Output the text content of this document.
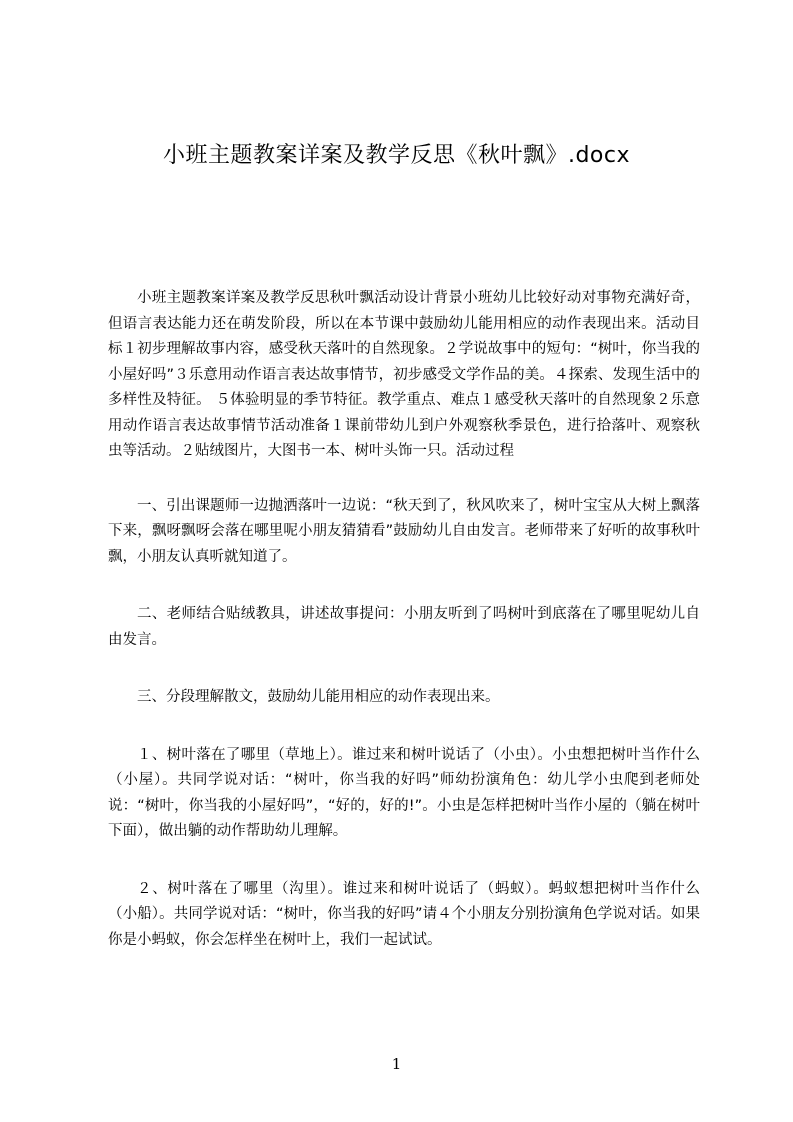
小班主题教案详案及教学反思《秋叶飘》.docx

小班主题教案详案及教学反思秋叶飘活动设计背景小班幼儿比较好动对事物充满好奇，但语言表达能力还在萌发阶段，所以在本节课中鼓励幼儿能用相应的动作表现出来。活动目标１初步理解故事内容，感受秋天落叶的自然现象。２学说故事中的短句：“树叶，你当我的小屋好吗”３乐意用动作语言表达故事情节，初步感受文学作品的美。４探索、发现生活中的多样性及特征。 ５体验明显的季节特征。教学重点、难点１感受秋天落叶的自然现象２乐意用动作语言表达故事情节活动准备１课前带幼儿到户外观察秋季景色，进行拾落叶、观察秋虫等活动。２贴绒图片，大图书一本、树叶头饰一只。活动过程

一、引出课题师一边抛洒落叶一边说：“秋天到了，秋风吹来了，树叶宝宝从大树上飘落下来，飘呀飘呀会落在哪里呢小朋友猜猜看”鼓励幼儿自由发言。老师带来了好听的故事秋叶飘，小朋友认真听就知道了。

二、老师结合贴绒教具，讲述故事提问：小朋友听到了吗树叶到底落在了哪里呢幼儿自由发言。

三、分段理解散文，鼓励幼儿能用相应的动作表现出来。

１、树叶落在了哪里（草地上）。谁过来和树叶说话了（小虫）。小虫想把树叶当作什么（小屋）。共同学说对话：“树叶，你当我的好吗”师幼扮演角色：幼儿学小虫爬到老师处说：“树叶，你当我的小屋好吗”，“好的，好的!”。小虫是怎样把树叶当作小屋的（躺在树叶下面），做出躺的动作帮助幼儿理解。

２、树叶落在了哪里（沟里）。谁过来和树叶说话了（蚂蚁）。蚂蚁想把树叶当作什么（小船）。共同学说对话：“树叶，你当我的好吗”请４个小朋友分别扮演角色学说对话。如果你是小蚂蚁，你会怎样坐在树叶上，我们一起试试。

1
